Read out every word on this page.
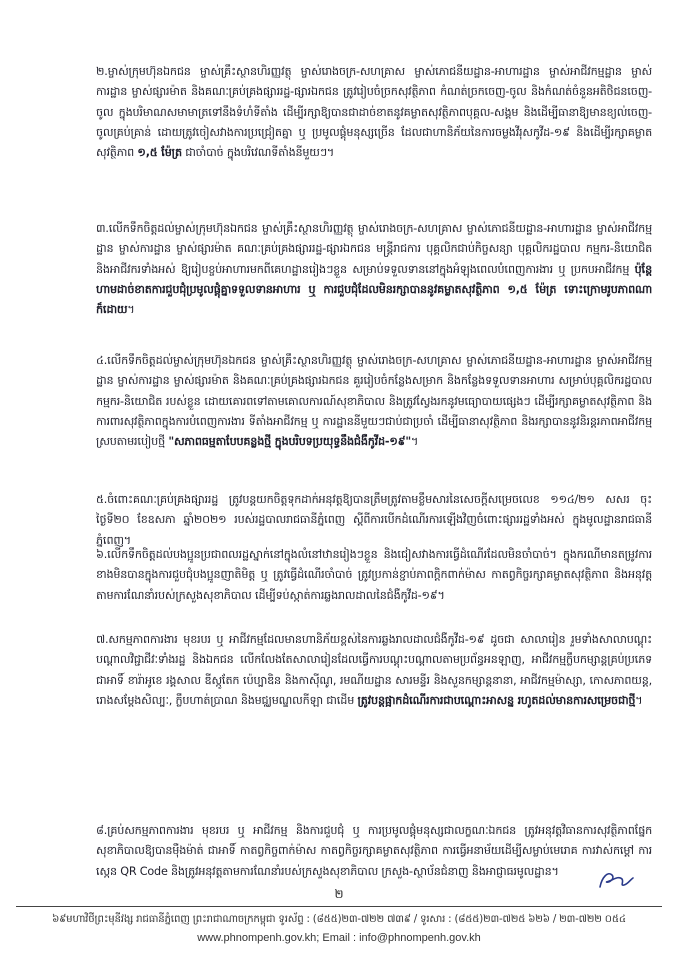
២.ម្ចាស់ក្រុមហ៊ុនឯកជន ម្ចាស់គ្រឹះស្ថានហិរញ្ញវត្ថុ ម្ចាស់រោងចក្រ-សហគ្រាស ម្ចាស់ភោជនីយដ្ឋាន-អាហារដ្ឋាន ម្ចាស់អាជីវកម្មដ្ឋាន ម្ចាស់ការដ្ឋាន ម្ចាស់ផ្សារម៉ាត និងគណៈគ្រប់គ្រងផ្សាររដ្ឋ-ផ្សារឯកជន ត្រូវរៀបចំច្រកសុវត្ថិភាព កំណត់ច្រកចេញ-ចូល និងកំណត់ចំនួនអតិថិជនចេញ-ចូល ក្នុងបរិមាណសមាមាត្រទៅនឹងទំហំទីតាំង ដើម្បីរក្សាឱ្យបានជាដាច់ខាតនូវគម្លាតសុវត្ថិភាពបុគ្គល-សង្គម និងដើម្បីធានាឱ្យមានខ្យល់ចេញ-ចូលគ្រប់គ្រាន់ ដោយត្រូវចៀសវាងការប្រជ្រៀតគ្នា ឬ ប្រមូលផ្តុំមនុស្សច្រើន ដែលជាហានិភ័យនៃការចម្លងវីរុសកូវីដ-១៩ និងដើម្បីរក្សាគម្លាតសុវត្ថិភាព ១,៥ ម៉ែត្រ ជាចាំបាច់ ក្នុងបរិវេណទីតាំងនីមួយៗ។
៣.លើកទឹកចិត្តដល់ម្ចាស់ក្រុមហ៊ុនឯកជន ម្ចាស់គ្រឹះស្ថានហិរញ្ញវត្ថុ ម្ចាស់រោងចក្រ-សហគ្រាស ម្ចាស់ភោជនីយដ្ឋាន-អាហារដ្ឋាន ម្ចាស់អាជីវកម្មដ្ឋាន ម្ចាស់ការដ្ឋាន ម្ចាស់ផ្សារម៉ាត គណៈគ្រប់គ្រងផ្សាររដ្ឋ-ផ្សារឯកជន មន្ត្រីរាជការ បុគ្គលិកជាប់កិច្ចសន្យា បុគ្គលិករដ្ឋបាល កម្មករ-និយោជិត និងអាជីវករទាំងអស់ ឱ្យរៀបខ្ចប់អាហារមកពីគេហដ្ឋានរៀងៗខ្លួន សម្រាប់ទទួលទាននៅក្នុងអំឡុងពេលបំពេញការងារ ឬ ប្រកបអាជីវកម្ម ប៉ុន្តែ ហាមដាច់ខាតការជួបជុំប្រមូលផ្តុំគ្នាទទួលទានអាហារ ឬ ការជួបជុំដែលមិនរក្សាបាននូវគម្លាតសុវត្ថិភាព ១,៥ ម៉ែត្រ ទោះក្រោមរូបភាពណាក៏ដោយ។
៤.លើកទឹកចិត្តដល់ម្ចាស់ក្រុមហ៊ុនឯកជន ម្ចាស់គ្រឹះស្ថានហិរញ្ញវត្ថុ ម្ចាស់រោងចក្រ-សហគ្រាស ម្ចាស់ភោជនីយដ្ឋាន-អាហារដ្ឋាន ម្ចាស់អាជីវកម្មដ្ឋាន ម្ចាស់ការដ្ឋាន ម្ចាស់ផ្សារម៉ាត និងគណៈគ្រប់គ្រងផ្សារឯកជន គួររៀបចំកន្លែងសម្រាក និងកន្លែងទទួលទានអាហារ សម្រាប់បុគ្គលិករដ្ឋបាល កម្មករ-និយោជិត របស់ខ្លួន ដោយគោរពទៅតាមគោលការណ៍សុខាភិបាល និងត្រូវស្វែងរកនូវមធ្យោបាយផ្សេងៗ ដើម្បីរក្សាគម្លាតសុវត្ថិភាព និងការពារសុវត្ថិភាពក្នុងការបំពេញការងារ ទីតាំងអាជីវកម្ម ឬ ការដ្ឋាននីមួយៗជាប់ជាប្រចាំ ដើម្បីធានាសុវត្ថិភាព និងរក្សាបាននូវនិរន្តរភាពអាជីវកម្ម ស្របតាមរបៀបថ្មី "សភាពធម្មតាបែបគន្លងថ្មី ក្នុងបរិបទប្រយុទ្ធនឹងជំងឺកូវីដ-១៩"។
៥.ចំពោះគណៈគ្រប់គ្រងផ្សាររដ្ឋ ត្រូវបន្តយកចិត្តទុកដាក់អនុវត្តឱ្យបានត្រឹមត្រូវតាមខ្លឹមសារនៃសេចក្តីសម្រេចលេខ ១១៤/២១ សសរ ចុះថ្ងៃទី២០ ខែឧសភា ឆ្នាំ២០២១ របស់រដ្ឋបាលរាជធានីភ្នំពេញ ស្តីពីការបើកដំណើរការឡើងវិញចំពោះផ្សាររដ្ឋទាំងអស់ ក្នុងមូលដ្ឋានរាជធានីភ្នំពេញ។
៦.លើកទឹកចិត្តដល់បងប្អូនប្រជាពលរដ្ឋស្នាក់នៅក្នុងលំនៅឋានរៀងៗខ្លួន និងជៀសវាងការធ្វើដំណើរដែលមិនចាំបាច់។ ក្នុងករណីមានតម្រូវការខាងមិនបានក្នុងការជួបជុំបងប្អូនញាតិមិត្ត ឬ ត្រូវធ្វើដំណើរចាំបាច់ ត្រូវប្រកាន់ខ្ជាប់ភាពក្តិកពាក់ម៉ាស កាតព្វកិច្ចរក្សាគម្លាតសុវត្ថិភាព និងអនុវត្តតាមការណែនាំរបស់ក្រសួងសុខាភិបាល ដើម្បីទប់ស្កាត់ការឆ្លងរាលដាលនៃជំងឺកូវីដ-១៩។
៧.សកម្មភាពការងារ មុខរបរ ឬ អាជីវកម្មដែលមានហានិភ័យខ្ពស់នៃការឆ្លងរាលដាលជំងឺកូវីដ-១៩ ដូចជា សាលារៀន រួមទាំងសាលាបណ្តុះបណ្តាលវិជ្ជាជីវៈទាំងរដ្ឋ និងឯកជន លើកលែងតែសាលារៀនដែលធ្វើការបណ្តុះបណ្តាលតាមប្រព័ន្ធអនឡាញ, អាជីវកម្មក្លឹបកម្សាន្តគ្រប់ប្រភេទ ជាអាទិ៍ ខារ៉ាអូខេ រង្គសាល ឌីស្កូតែក ប៉េប្បាឌិន និងកាស៊ីណូ, រមណីយដ្ឋាន សារមន្ទីរ និងសួនកម្សាន្តនានា, អាជីវកម្មម៉ាស្សា, កោសភាពយន្ត, រោងសម្ដែងសិល្បៈ, ក្លឹបហាត់ប្រាណ និងមជ្ឈមណ្ឌលកីឡា ជាដើម ត្រូវបន្តផ្អាកដំណើរការជាបណ្តោះអាសន្ន រហូតដល់មានការសម្រេចជាថ្មី។
៨.គ្រប់សកម្មភាពការងារ មុខរបរ ឬ អាជីវកម្ម និងការជួបជុំ ឬ ការប្រមូលផ្តុំមនុស្សជាលក្ខណៈឯកជន ត្រូវអនុវត្តវិធានការសុវត្ថិភាពផ្នែកសុខាភិបាលឱ្យបានម៉ឺងម៉ាត់ ជាអាទិ៍ កាតព្វកិច្ចពាក់ម៉ាស កាតព្វកិច្ចរក្សាគម្លាតសុវត្ថិភាព ការធ្វើអនាម័យដើម្បីសម្លាប់មេរោគ ការវាស់កម្ដៅ ការស្កេន QR Code និងត្រូវអនុវត្តតាមការណែនាំរបស់ក្រសួងសុខាភិបាល ក្រសួង-ស្ថាប័នជំនាញ និងអាជ្ញាធរមូលដ្ឋាន។
២
៦៩មហាវិថីព្រះមុនីវង្ស រាជធានីភ្នំពេញ ព្រះរាជាណាចក្រកម្ពុជា ទូរស័ព្ទ : (៨៥៥)២៣-៧២២ ៧៣៩ / ទូរសារ : (៨៥៥)២៣-៧២៥ ៦២៦ / ២៣-៧២២ ០៥៤
www.phnompenh.gov.kh; Email : info@phnompenh.gov.kh
